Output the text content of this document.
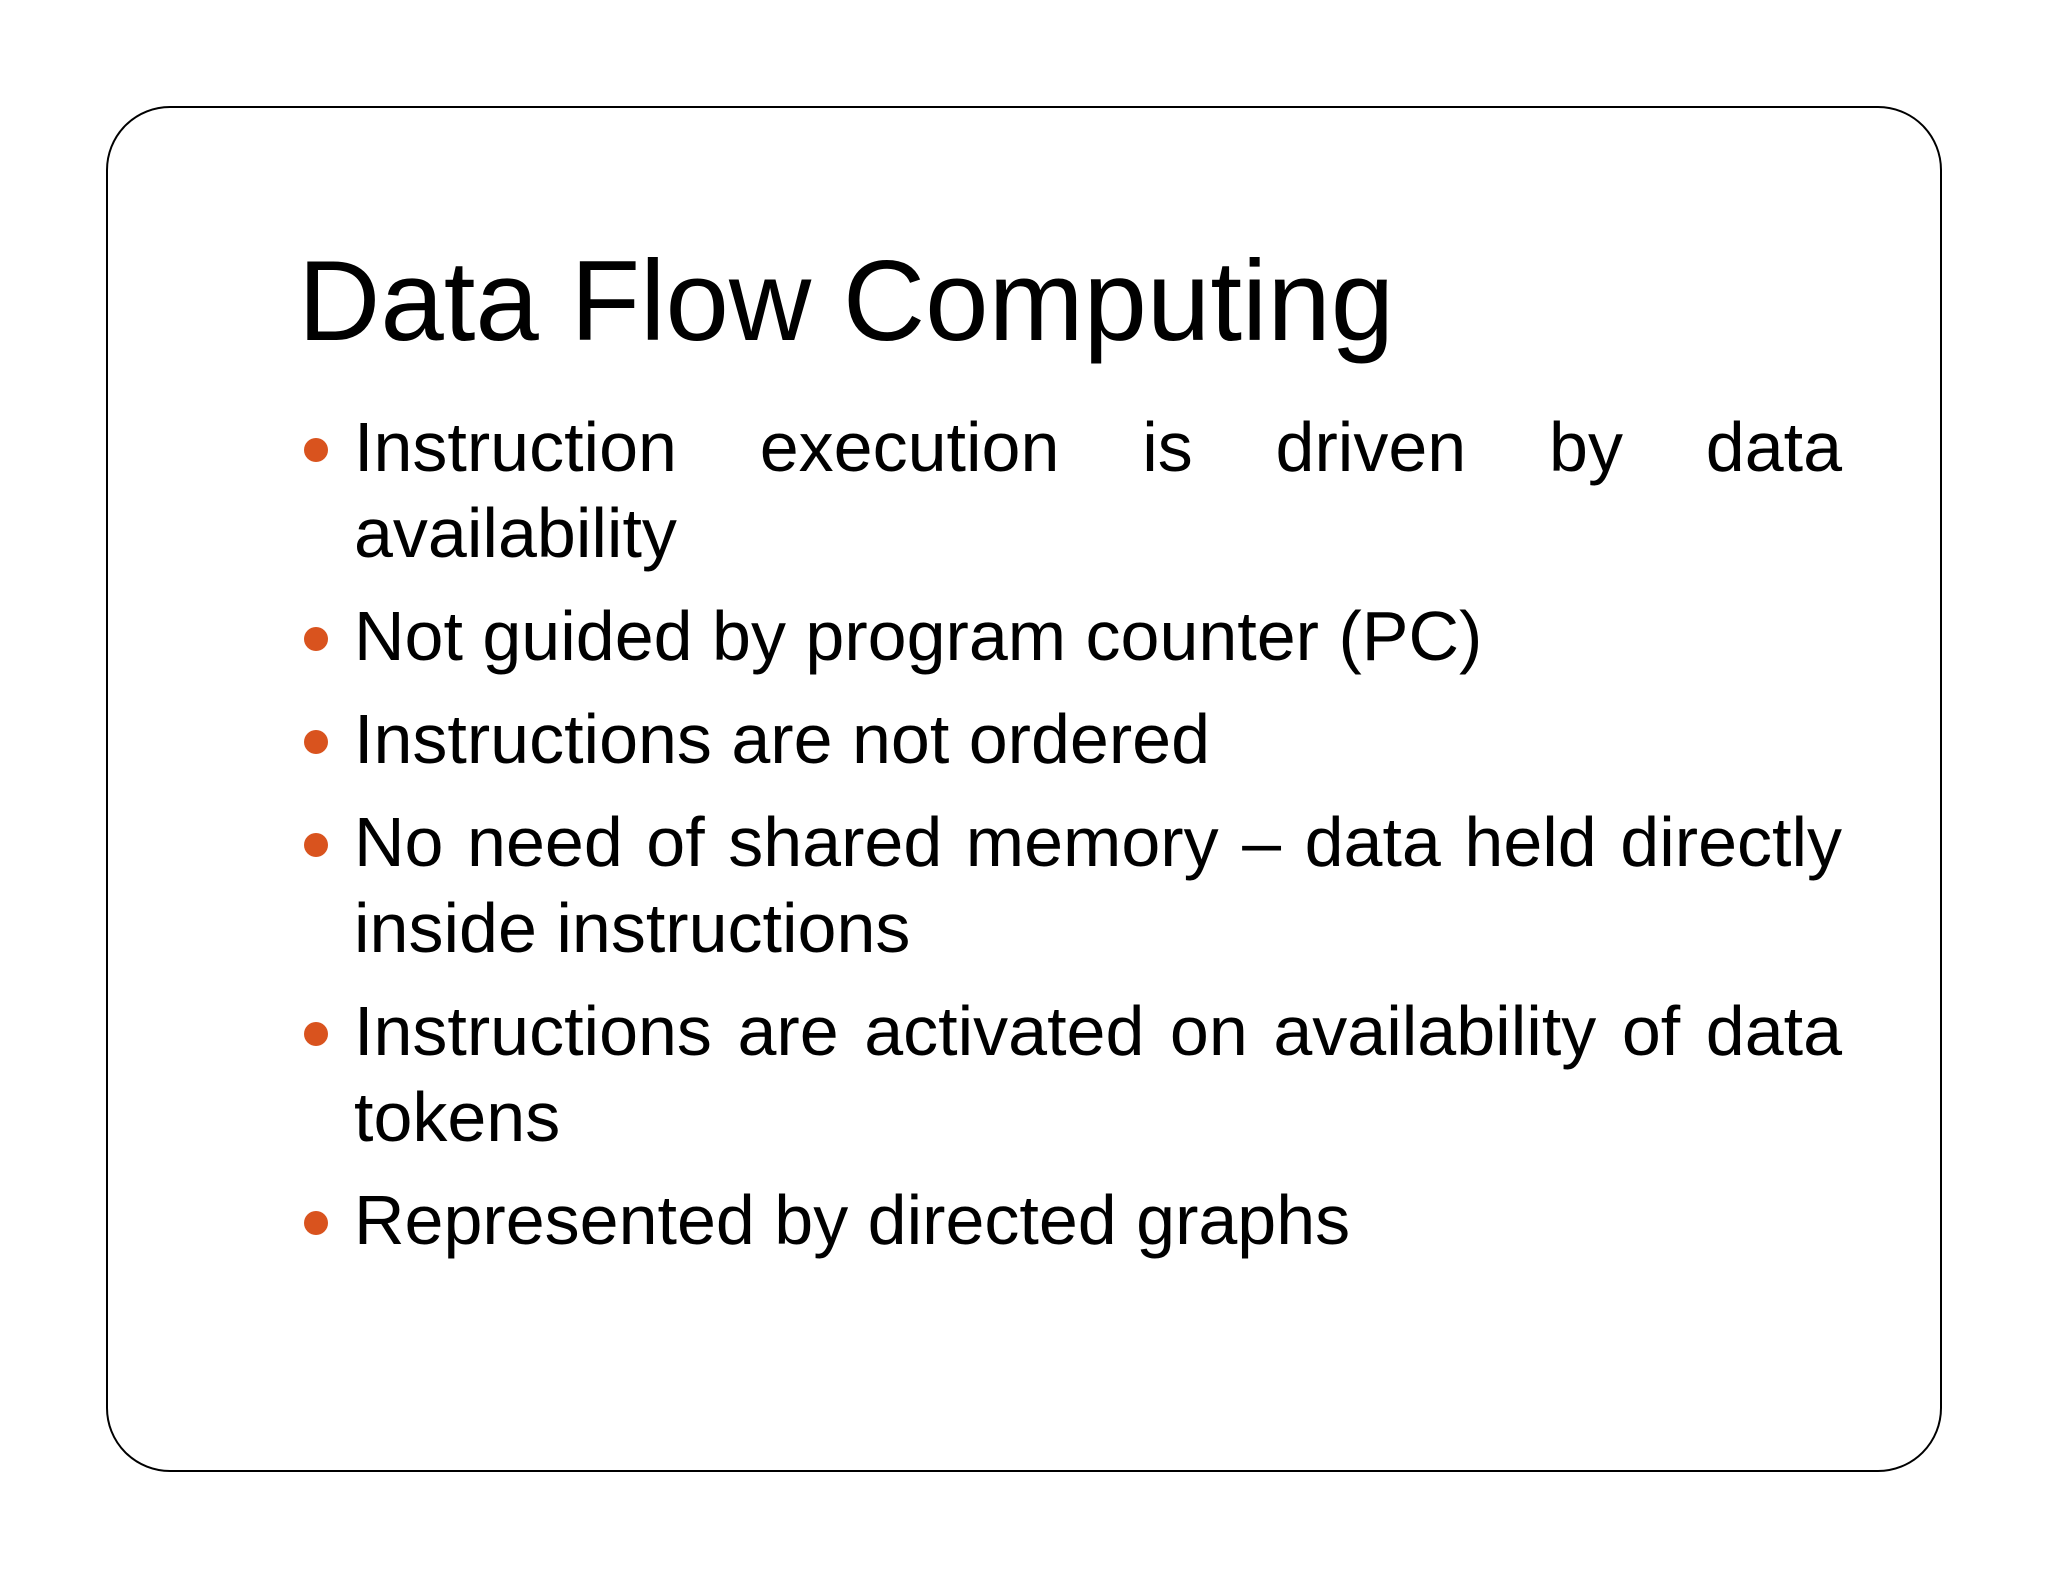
Data Flow Computing
Instruction execution is driven by data availability
Not guided by program counter (PC)
Instructions are not ordered
No need of shared memory – data held directly inside instructions
Instructions are activated on availability of data tokens
Represented by directed graphs
